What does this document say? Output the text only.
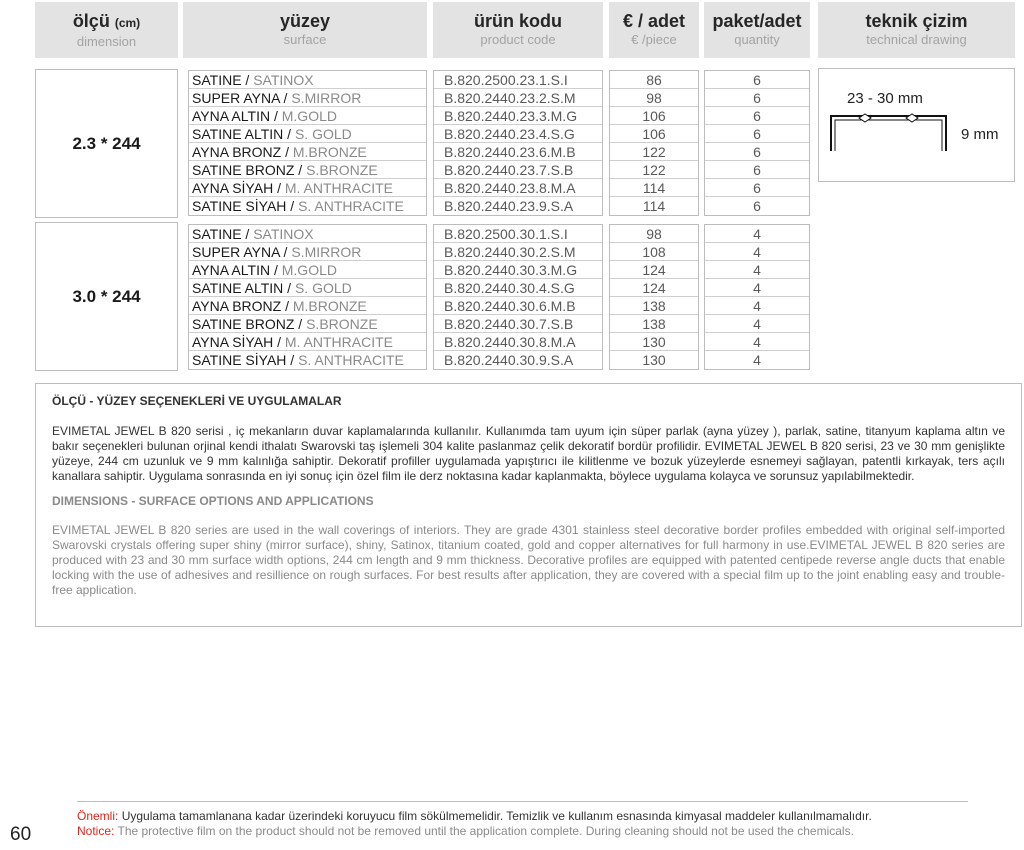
ölçü (cm)
dimension
yüzey
surface
ürün kodu
product code
€ / adet
€ /piece
paket/adet
quantity
teknik çizim
technical drawing
2.3 * 244
SATINE / SATINOX
SUPER AYNA / S.MIRROR
AYNA ALTIN / M.GOLD
SATINE ALTIN / S. GOLD
AYNA BRONZ / M.BRONZE
SATINE BRONZ / S.BRONZE
AYNA SİYAH / M. ANTHRACITE
SATINE SİYAH / S. ANTHRACITE
B.820.2500.23.1.S.I
B.820.2440.23.2.S.M
B.820.2440.23.3.M.G
B.820.2440.23.4.S.G
B.820.2440.23.6.M.B
B.820.2440.23.7.S.B
B.820.2440.23.8.M.A
B.820.2440.23.9.S.A
86
98
106
106
122
122
114
114
6
6
6
6
6
6
6
6
3.0 * 244
SATINE / SATINOX
SUPER AYNA / S.MIRROR
AYNA ALTIN / M.GOLD
SATINE ALTIN / S. GOLD
AYNA BRONZ / M.BRONZE
SATINE BRONZ / S.BRONZE
AYNA SİYAH / M. ANTHRACITE
SATINE SİYAH / S. ANTHRACITE
B.820.2500.30.1.S.I
B.820.2440.30.2.S.M
B.820.2440.30.3.M.G
B.820.2440.30.4.S.G
B.820.2440.30.6.M.B
B.820.2440.30.7.S.B
B.820.2440.30.8.M.A
B.820.2440.30.9.S.A
98
108
124
124
138
138
130
130
4
4
4
4
4
4
4
4
23 - 30 mm
9 mm
ÖLÇÜ - YÜZEY SEÇENEKLERİ VE UYGULAMALAR

EVIMETAL JEWEL B 820 serisi , iç mekanların duvar kaplamalarında kullanılır. Kullanımda tam uyum için süper parlak (ayna yüzey ), parlak, satine, titanyum kaplama altın ve bakır seçenekleri bulunan orjinal kendi ithalatı Swarovski taş işlemeli 304 kalite paslanmaz çelik dekoratif bordür profilidir. EVIMETAL JEWEL B 820 serisi, 23 ve 30 mm genişlikte yüzeye, 244 cm uzunluk ve 9 mm kalınlığa sahiptir. Dekoratif profiller uygulamada yapıştırıcı ile kilitlenme ve bozuk yüzeylerde esnemeyi sağlayan, patentli kırkayak, ters açılı kanallara sahiptir. Uygulama sonrasında en iyi sonuç için özel film ile derz noktasına kadar kaplanmakta, böylece uygulama kolayca ve sorunsuz yapılabilmektedir.

DIMENSIONS - SURFACE OPTIONS AND APPLICATIONS

EVIMETAL JEWEL B 820 series are used in the wall coverings of interiors. They are grade 4301 stainless steel decorative border profiles embedded with original self-imported Swarovski crystals offering super shiny (mirror surface), shiny, Satinox, titanium coated, gold and copper alternatives for full harmony in use.EVIMETAL JEWEL B 820 series are produced with 23 and 30 mm surface width options, 244 cm length and 9 mm thickness. Decorative profiles are equipped with patented centipede reverse angle ducts that enable locking with the use of adhesives and resillience on rough surfaces. For best results after application, they are covered with a special film up to the joint enabling easy and trouble-free application.

Önemli: Uygulama tamamlanana kadar üzerindeki koruyucu film sökülmemelidir. Temizlik ve kullanım esnasında kimyasal maddeler kullanılmamalıdır.
Notice: The protective film on the product should not be removed until the application complete. During cleaning should not be used the chemicals.
60
